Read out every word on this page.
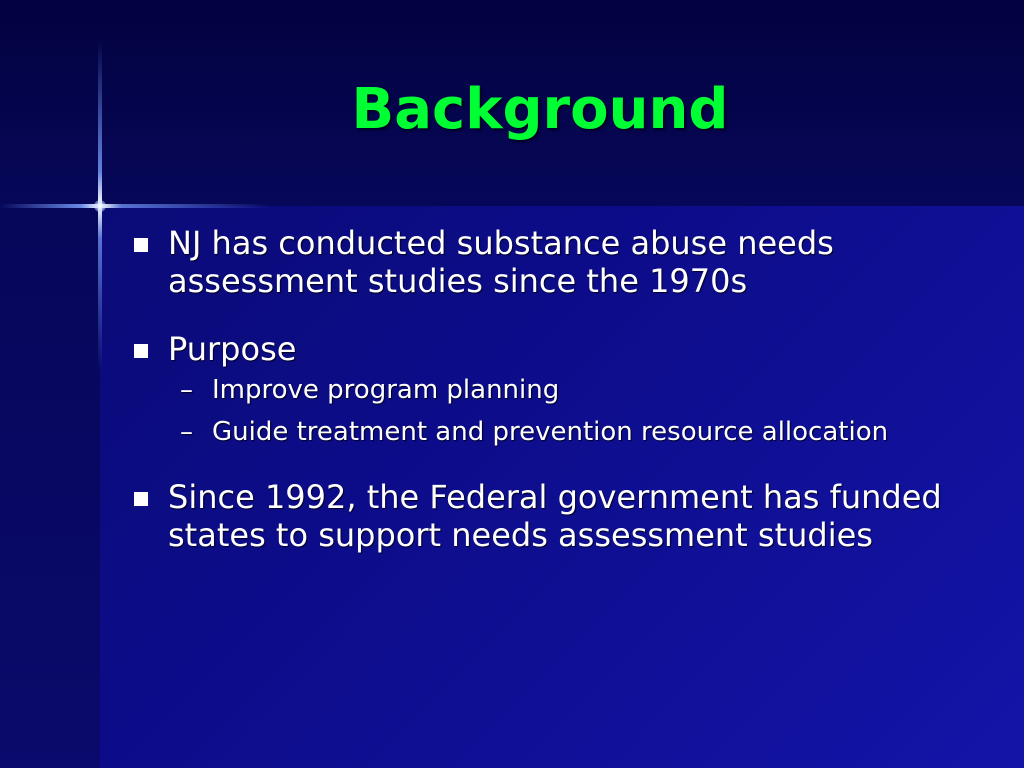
Background
NJ has conducted substance abuse needs assessment studies since the 1970s
Purpose
– Improve program planning
– Guide treatment and prevention resource allocation
Since 1992, the Federal government has funded states to support needs assessment studies
